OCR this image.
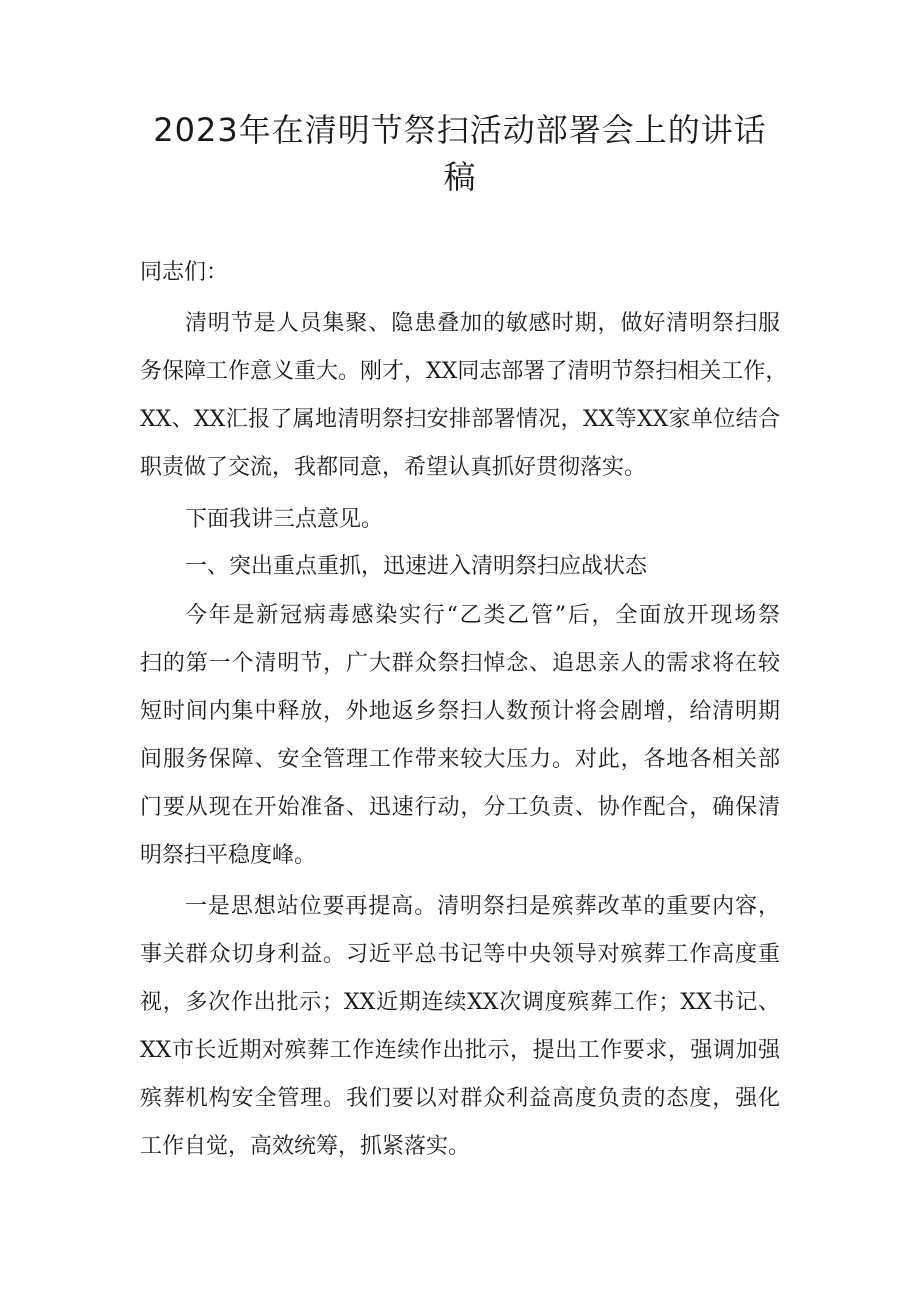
2023年在清明节祭扫活动部署会上的讲话
稿

同志们：

清明节是人员集聚、隐患叠加的敏感时期，做好清明祭扫服

务保障工作意义重大。刚才，XX同志部署了清明节祭扫相关工作，

XX、XX汇报了属地清明祭扫安排部署情况，XX等XX家单位结合

职责做了交流，我都同意，希望认真抓好贯彻落实。

下面我讲三点意见。

一、突出重点重抓，迅速进入清明祭扫应战状态

今年是新冠病毒感染实行“乙类乙管”后，全面放开现场祭

扫的第一个清明节，广大群众祭扫悼念、追思亲人的需求将在较

短时间内集中释放，外地返乡祭扫人数预计将会剧增，给清明期

间服务保障、安全管理工作带来较大压力。对此，各地各相关部

门要从现在开始准备、迅速行动，分工负责、协作配合，确保清

明祭扫平稳度峰。

一是思想站位要再提高。清明祭扫是殡葬改革的重要内容，

事关群众切身利益。习近平总书记等中央领导对殡葬工作高度重

视，多次作出批示；XX近期连续XX次调度殡葬工作；XX书记、

XX市长近期对殡葬工作连续作出批示，提出工作要求，强调加强

殡葬机构安全管理。我们要以对群众利益高度负责的态度，强化

工作自觉，高效统筹，抓紧落实。
